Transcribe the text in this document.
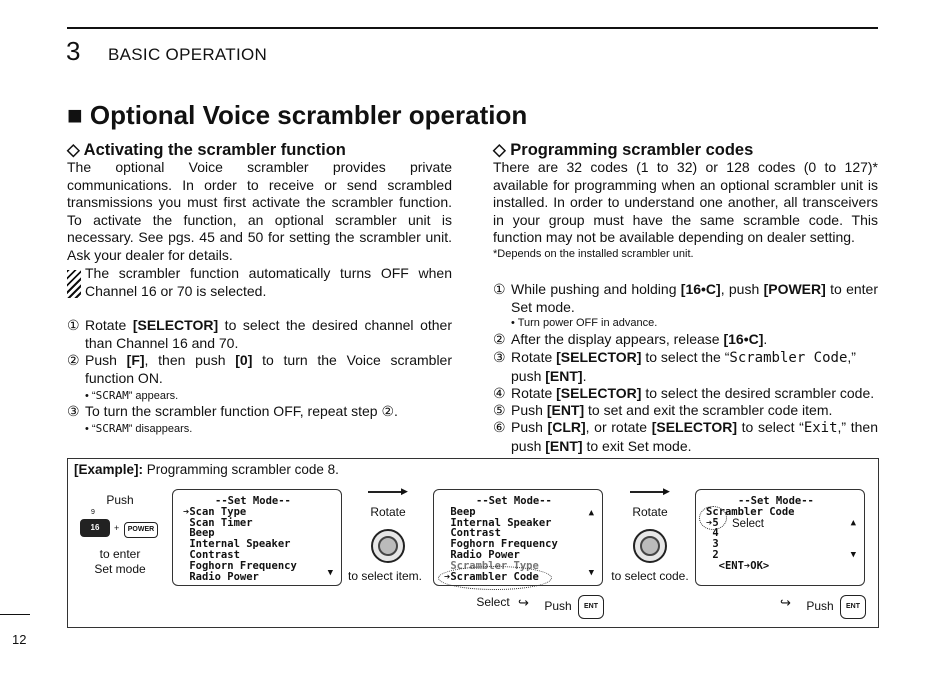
3 BASIC OPERATION
■ Optional Voice scrambler operation
◇ Activating the scrambler function
The optional Voice scrambler provides private communications. In order to receive or send scrambled transmissions you must first activate the scrambler function. To activate the function, an optional scrambler unit is necessary. See pgs. 45 and 50 for setting the scrambler unit. Ask your dealer for details.
The scrambler function automatically turns OFF when Channel 16 or 70 is selected.
① Rotate [SELECTOR] to select the desired channel other than Channel 16 and 70.
② Push [F], then push [0] to turn the Voice scrambler function ON.
• “SCRAM” appears.
③ To turn the scrambler function OFF, repeat step ②.
• “SCRAM” disappears.
◇ Programming scrambler codes
There are 32 codes (1 to 32) or 128 codes (0 to 127)* available for programming when an optional scrambler unit is installed. In order to understand one another, all transceivers in your group must have the same scramble code. This function may not be available depending on dealer setting.
*Depends on the installed scrambler unit.
① While pushing and holding [16•C], push [POWER] to enter Set mode.
• Turn power OFF in advance.
② After the display appears, release [16•C].
③ Rotate [SELECTOR] to select the “Scrambler Code,” push [ENT].
④ Rotate [SELECTOR] to select the desired scrambler code.
⑤ Push [ENT] to set and exit the scrambler code item.
⑥ Push [CLR], or rotate [SELECTOR] to select “Exit,” then push [ENT] to exit Set mode.
[Example]: Programming scrambler code 8.
Push
9
16	+	POWER
to enter
Set mode
--Set Mode--
➔Scan Type
Scan Timer
Beep
Internal Speaker
Contrast
Foghorn Frequency
Radio Power	▼
▶
Rotate
to select item.
--Set Mode--
Beep
Internal Speaker
Contrast
Foghorn Frequency
Radio Power
Scrambler Type
➔Scrambler Code
▲
▼
Select ↪	Push	ENT
▶
Rotate
to select code.
--Set Mode--
Scrambler Code
➔5
4
3
2
<ENT➔OK>
Select	▲
▼
↪	Push	ENT
12
